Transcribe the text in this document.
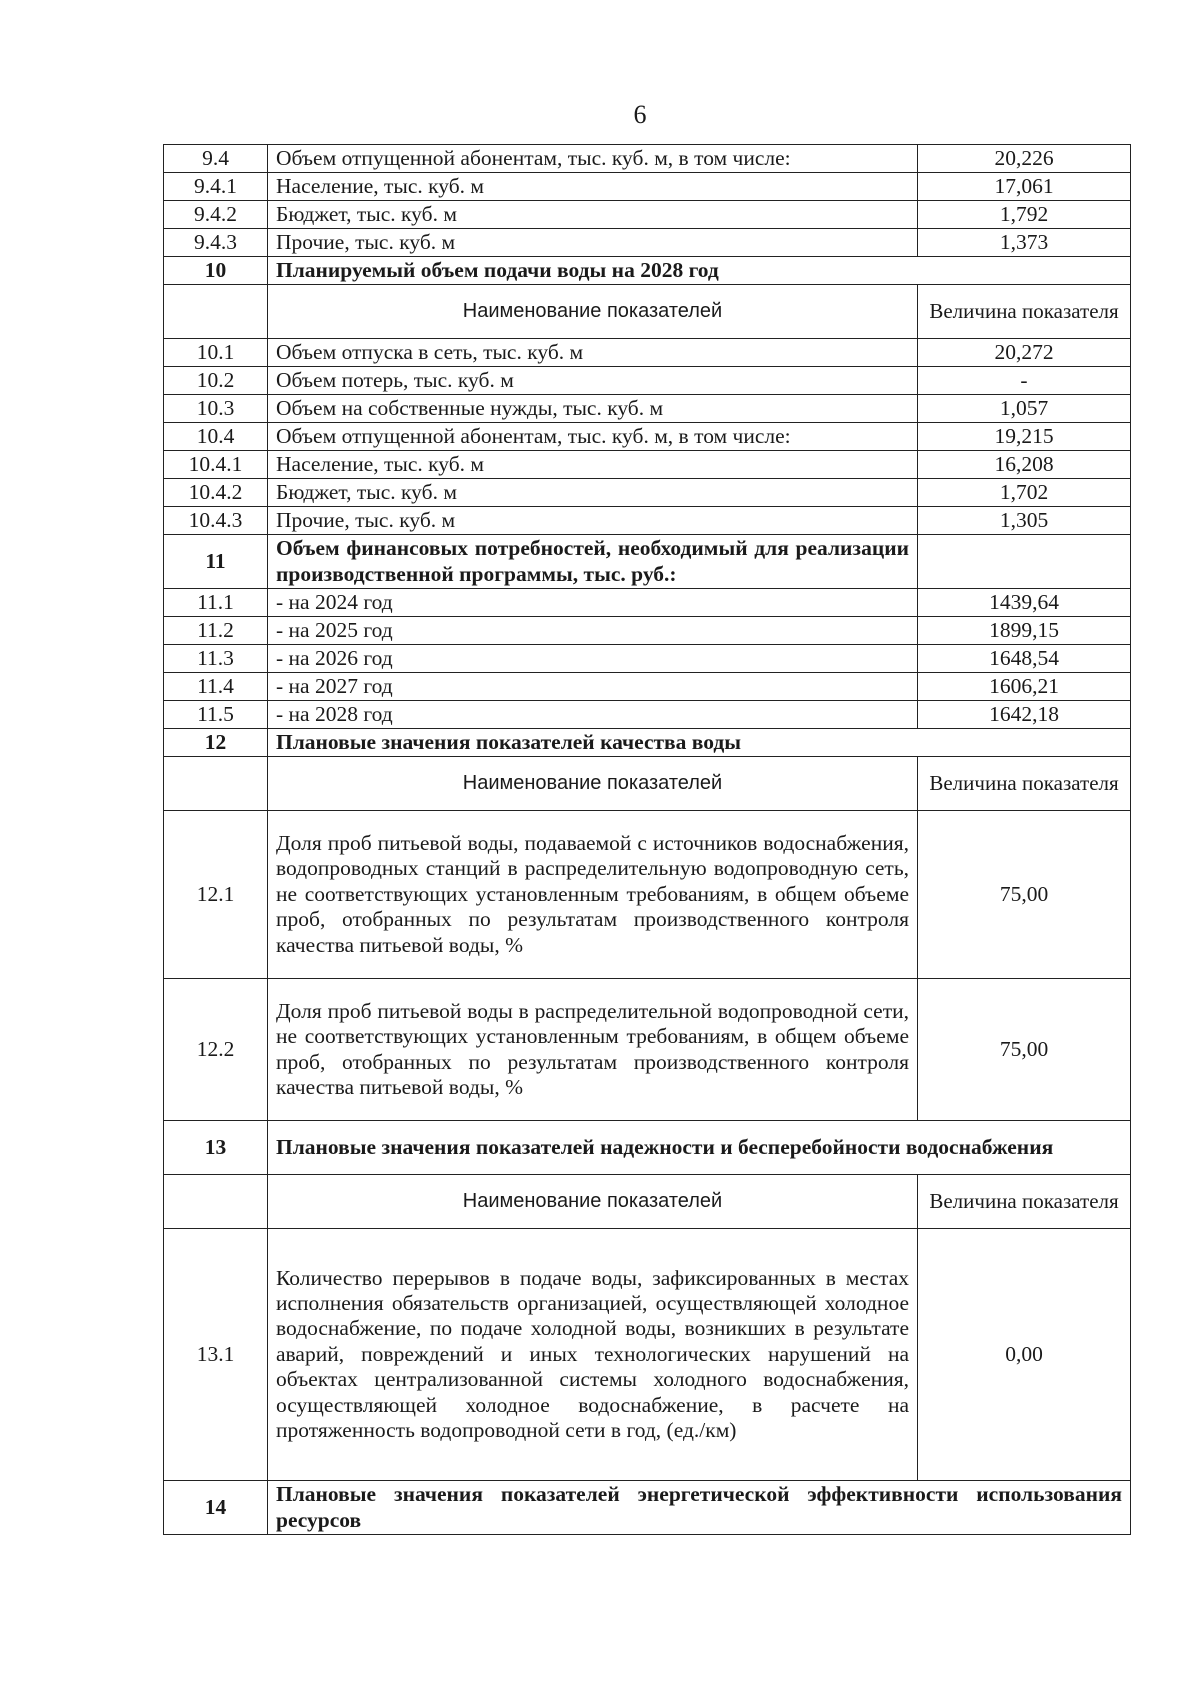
6
9.4	Объем отпущенной абонентам, тыс. куб. м, в том числе:	20,226
9.4.1	Население, тыс. куб. м	17,061
9.4.2	Бюджет, тыс. куб. м	1,792
9.4.3	Прочие, тыс. куб. м	1,373
10	Планируемый объем подачи воды на 2028 год	
	Наименование показателей	Величина показателя
10.1	Объем отпуска в сеть, тыс. куб. м	20,272
10.2	Объем потерь, тыс. куб. м	-
10.3	Объем на собственные нужды, тыс. куб. м	1,057
10.4	Объем отпущенной абонентам, тыс. куб. м, в том числе:	19,215
10.4.1	Население, тыс. куб. м	16,208
10.4.2	Бюджет, тыс. куб. м	1,702
10.4.3	Прочие, тыс. куб. м	1,305
11	Объем финансовых потребностей, необходимый для реализации производственной программы, тыс. руб.:	
11.1	- на 2024 год	1439,64
11.2	- на 2025 год	1899,15
11.3	- на 2026 год	1648,54
11.4	- на 2027 год	1606,21
11.5	- на 2028 год	1642,18
12	Плановые значения показателей качества воды	
	Наименование показателей	Величина показателя
12.1	Доля проб питьевой воды, подаваемой с источников водоснабжения, водопроводных станций в распределительную водопроводную сеть, не соответствующих установленным требованиям, в общем объеме проб, отобранных по результатам производственного контроля качества питьевой воды, %	75,00
12.2	Доля проб питьевой воды в распределительной водопроводной сети, не соответствующих установленным требованиям, в общем объеме проб, отобранных по результатам производственного контроля качества питьевой воды, %	75,00
13	Плановые значения показателей надежности и бесперебойности водоснабжения	
	Наименование показателей	Величина показателя
13.1	Количество перерывов в подаче воды, зафиксированных в местах исполнения обязательств организацией, осуществляющей холодное водоснабжение, по подаче холодной воды, возникших в результате аварий, повреждений и иных технологических нарушений на объектах централизованной системы холодного водоснабжения, осуществляющей холодное водоснабжение, в расчете на протяженность водопроводной сети в год, (ед./км)	0,00
14	Плановые значения показателей энергетической эффективности использования ресурсов	
